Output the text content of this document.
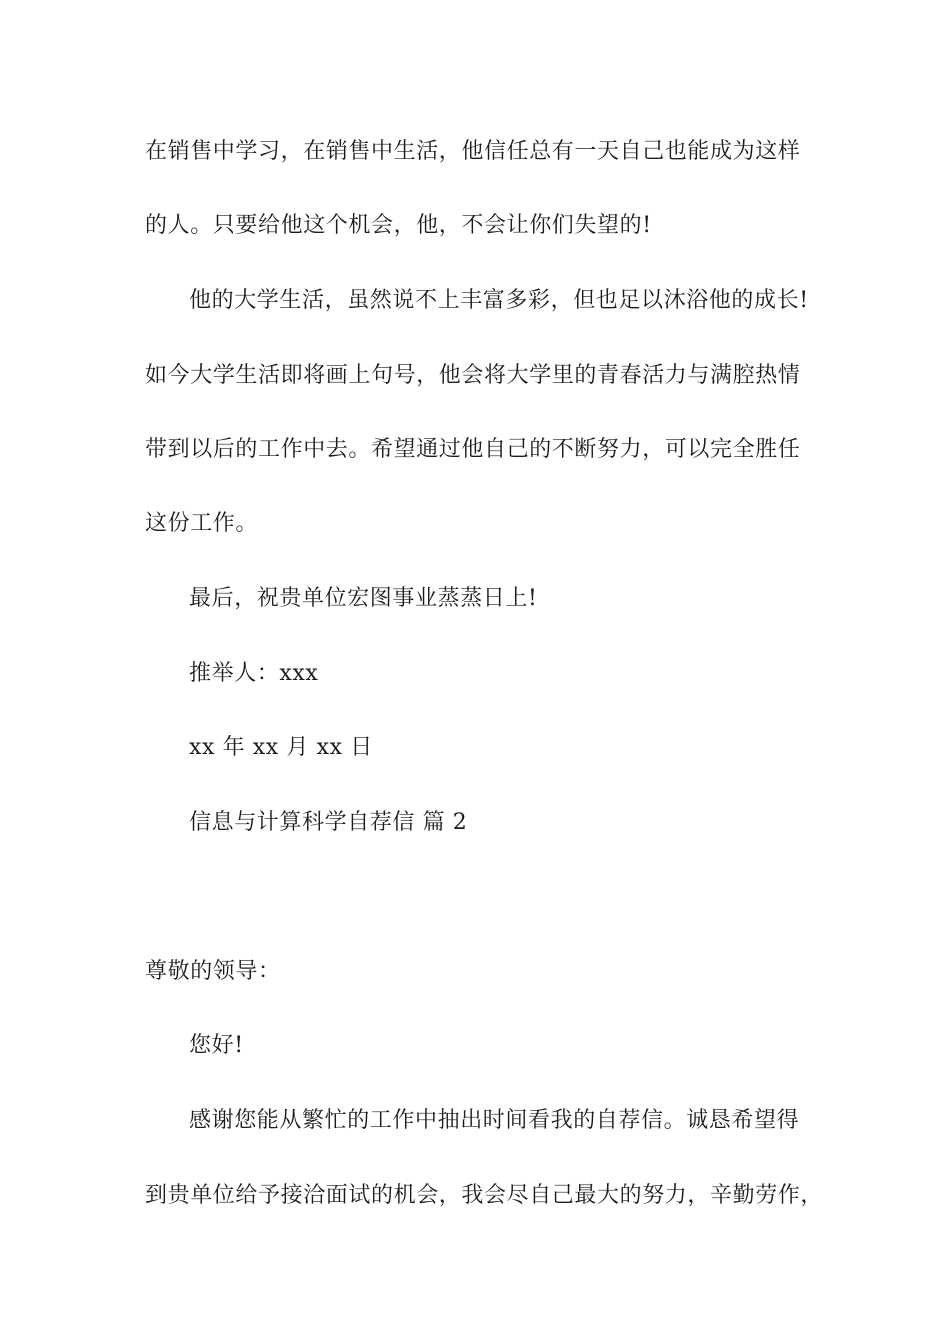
在销售中学习，在销售中生活，他信任总有一天自己也能成为这样
的人。只要给他这个机会，他，不会让你们失望的!
他的大学生活，虽然说不上丰富多彩，但也足以沐浴他的成长!
如今大学生活即将画上句号，他会将大学里的青春活力与满腔热情
带到以后的工作中去。希望通过他自己的不断努力，可以完全胜任
这份工作。
最后，祝贵单位宏图事业蒸蒸日上!
推举人：xxx
xx 年 xx 月 xx 日
信息与计算科学自荐信 篇 2
尊敬的领导：
您好!
感谢您能从繁忙的工作中抽出时间看我的自荐信。诚恳希望得
到贵单位给予接洽面试的机会，我会尽自己最大的努力，辛勤劳作，
